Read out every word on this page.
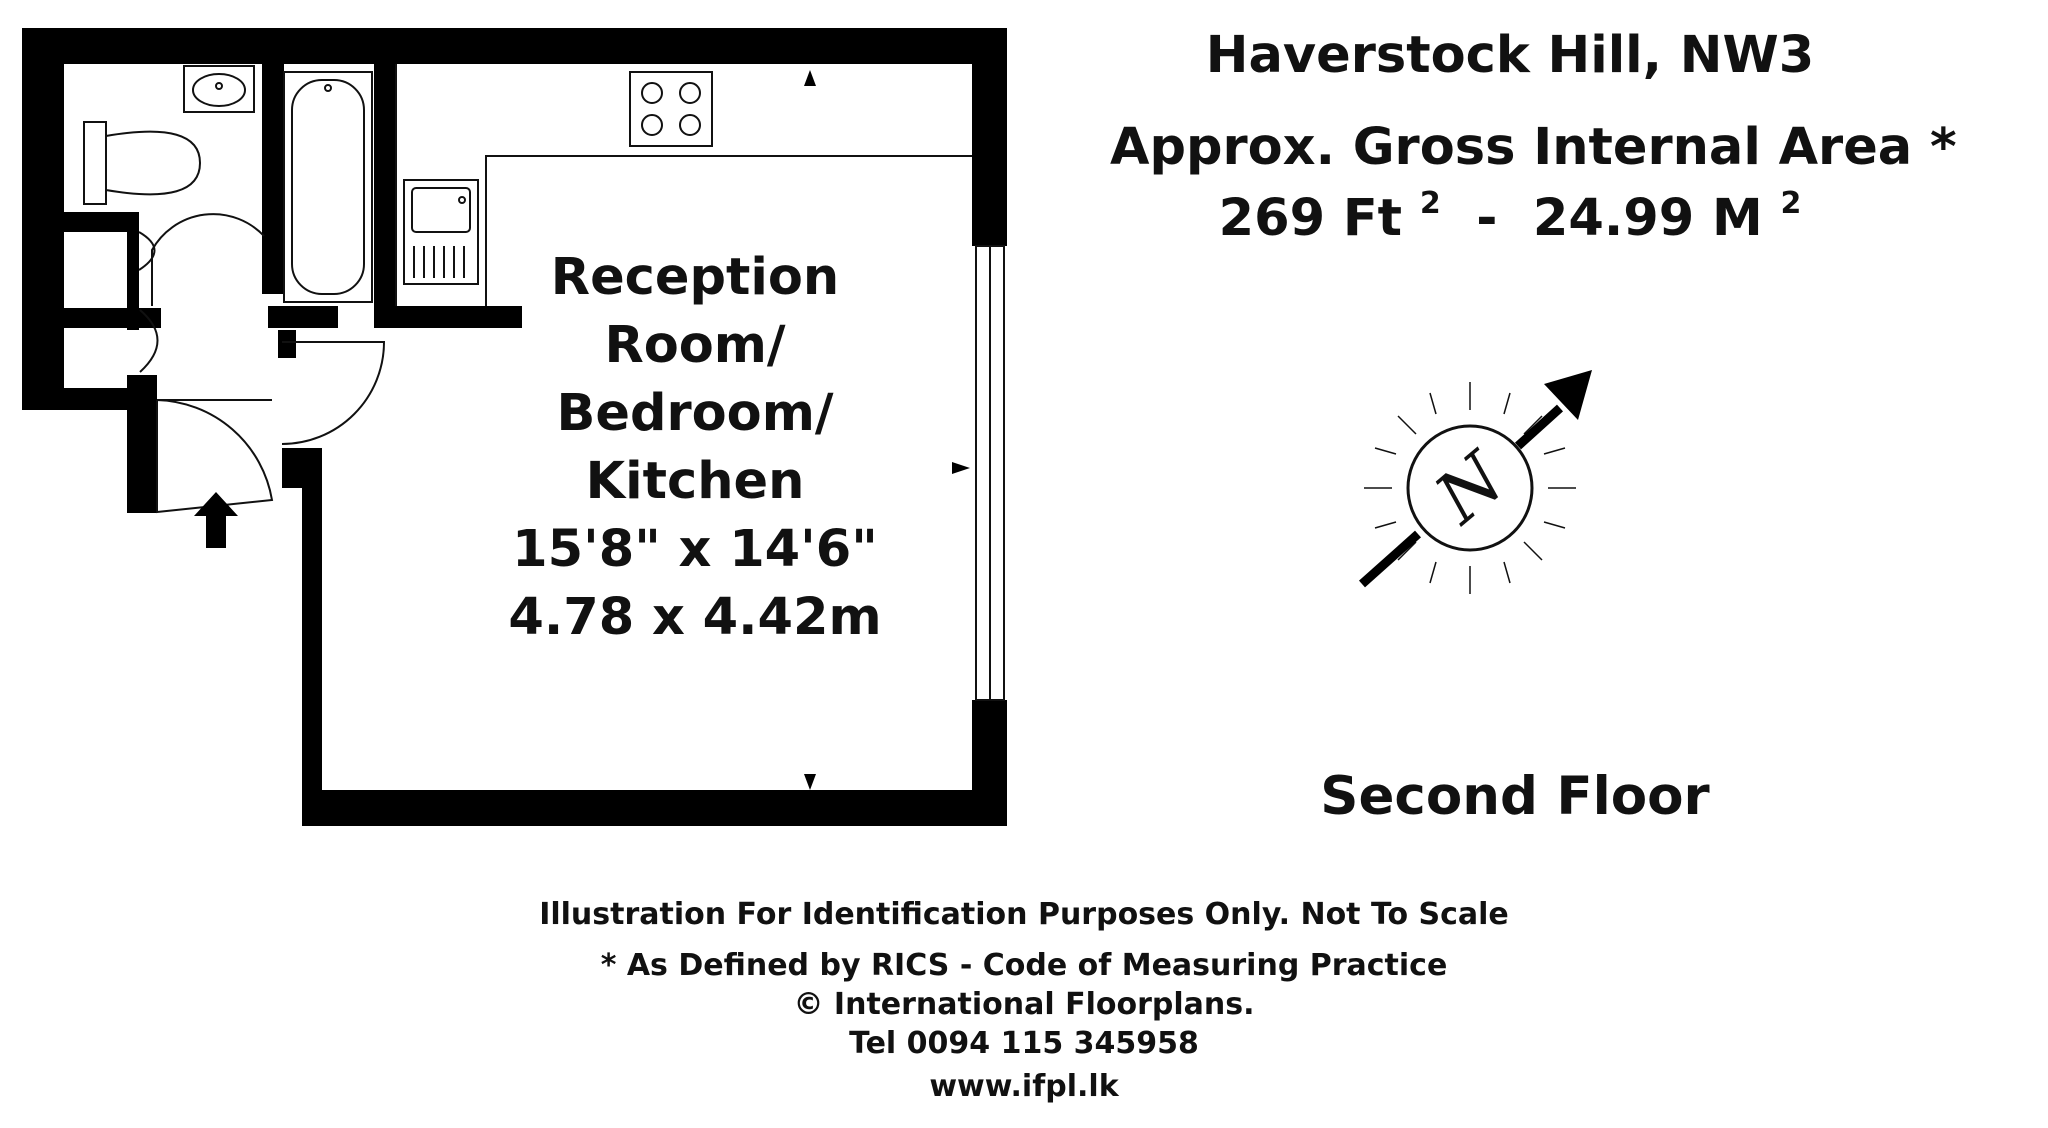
N
Haverstock Hill, NW3
Approx. Gross Internal Area *
269 Ft $^2$ - 24.99 M $^2$
Reception
Room/
Bedroom/
Kitchen
15'8" x 14'6"
4.78 x 4.42m
Second Floor
Illustration For Identification Purposes Only. Not To Scale
* As Defined by RICS - Code of Measuring Practice
© International Floorplans.
Tel 0094 115 345958
www.ifpl.lk
